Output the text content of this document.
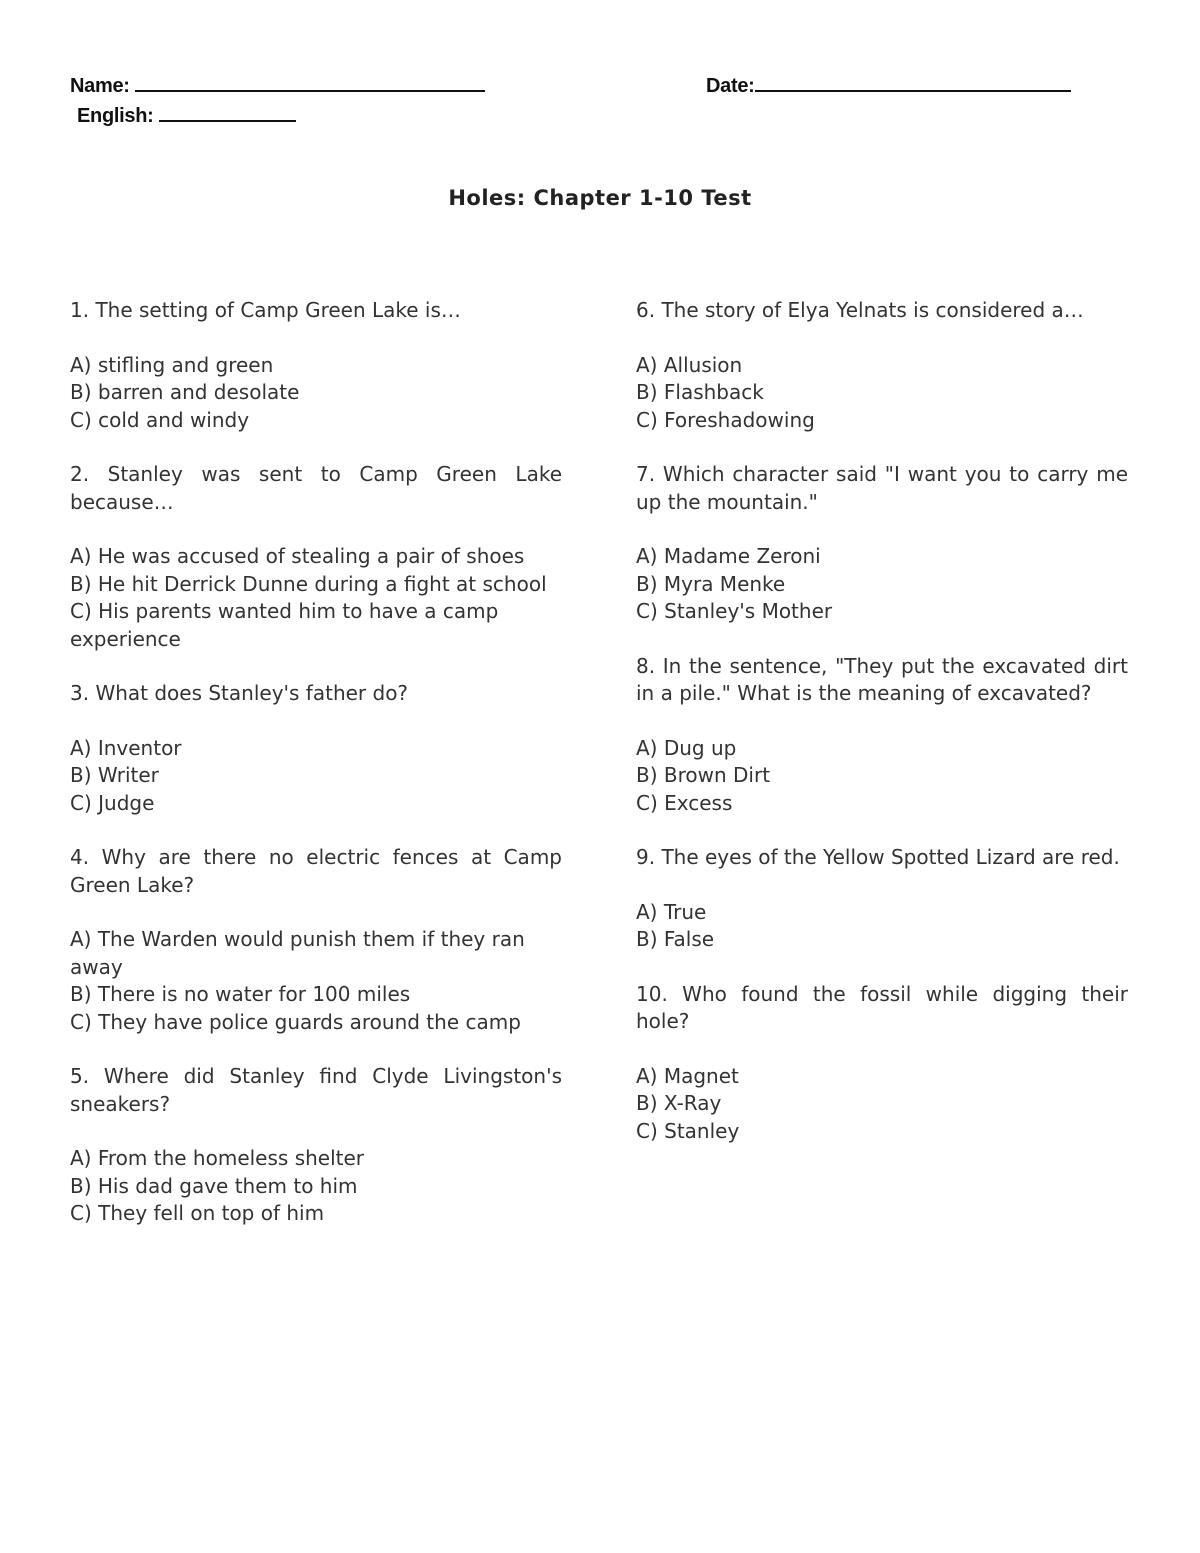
Name:	Date:
English:
Holes: Chapter 1-10 Test

1. The setting of Camp Green Lake is…

A) stifling and green
B) barren and desolate
C) cold and windy

2. Stanley was sent to Camp Green Lake because…

A) He was accused of stealing a pair of shoes
B) He hit Derrick Dunne during a fight at school
C) His parents wanted him to have a camp experience

3. What does Stanley's father do?

A) Inventor
B) Writer
C) Judge

4. Why are there no electric fences at Camp Green Lake?

A) The Warden would punish them if they ran away
B) There is no water for 100 miles
C) They have police guards around the camp

5. Where did Stanley find Clyde Livingston's sneakers?

A) From the homeless shelter
B) His dad gave them to him
C) They fell on top of him

6. The story of Elya Yelnats is considered a…

A) Allusion
B) Flashback
C) Foreshadowing

7. Which character said "I want you to carry me up the mountain."

A) Madame Zeroni
B) Myra Menke
C) Stanley's Mother

8. In the sentence, "They put the excavated dirt in a pile." What is the meaning of excavated?

A) Dug up
B) Brown Dirt
C) Excess

9. The eyes of the Yellow Spotted Lizard are red.

A) True
B) False

10. Who found the fossil while digging their hole?

A) Magnet
B) X-Ray
C) Stanley
